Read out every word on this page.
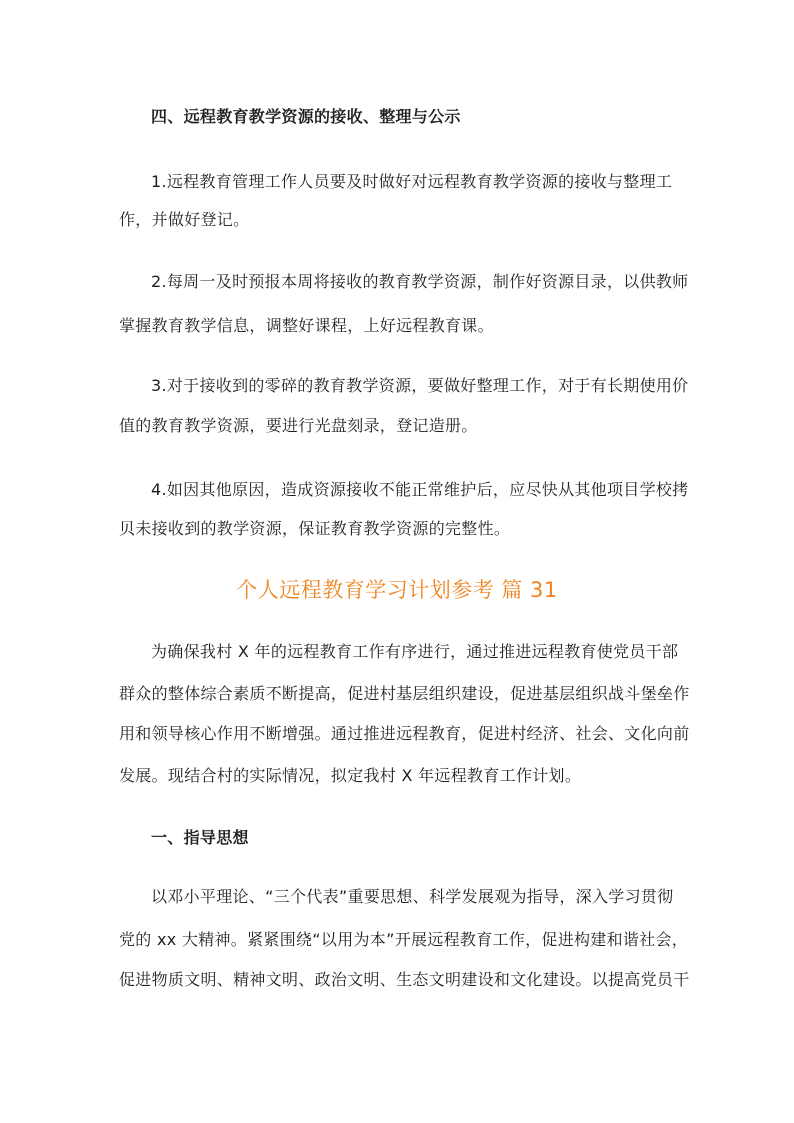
四、远程教育教学资源的接收、整理与公示
1.远程教育管理工作人员要及时做好对远程教育教学资源的接收与整理工
作，并做好登记。
2.每周一及时预报本周将接收的教育教学资源，制作好资源目录，以供教师
掌握教育教学信息，调整好课程，上好远程教育课。
3.对于接收到的零碎的教育教学资源，要做好整理工作，对于有长期使用价
值的教育教学资源，要进行光盘刻录，登记造册。
4.如因其他原因，造成资源接收不能正常维护后，应尽快从其他项目学校拷
贝未接收到的教学资源，保证教育教学资源的完整性。
个人远程教育学习计划参考 篇 31
为确保我村 X 年的远程教育工作有序进行，通过推进远程教育使党员干部
群众的整体综合素质不断提高，促进村基层组织建设，促进基层组织战斗堡垒作
用和领导核心作用不断增强。通过推进远程教育，促进村经济、社会、文化向前
发展。现结合村的实际情况，拟定我村 X 年远程教育工作计划。
一、指导思想
以邓小平理论、“三个代表”重要思想、科学发展观为指导，深入学习贯彻
党的 xx 大精神。紧紧围绕“以用为本”开展远程教育工作，促进构建和谐社会，
促进物质文明、精神文明、政治文明、生态文明建设和文化建设。以提高党员干
